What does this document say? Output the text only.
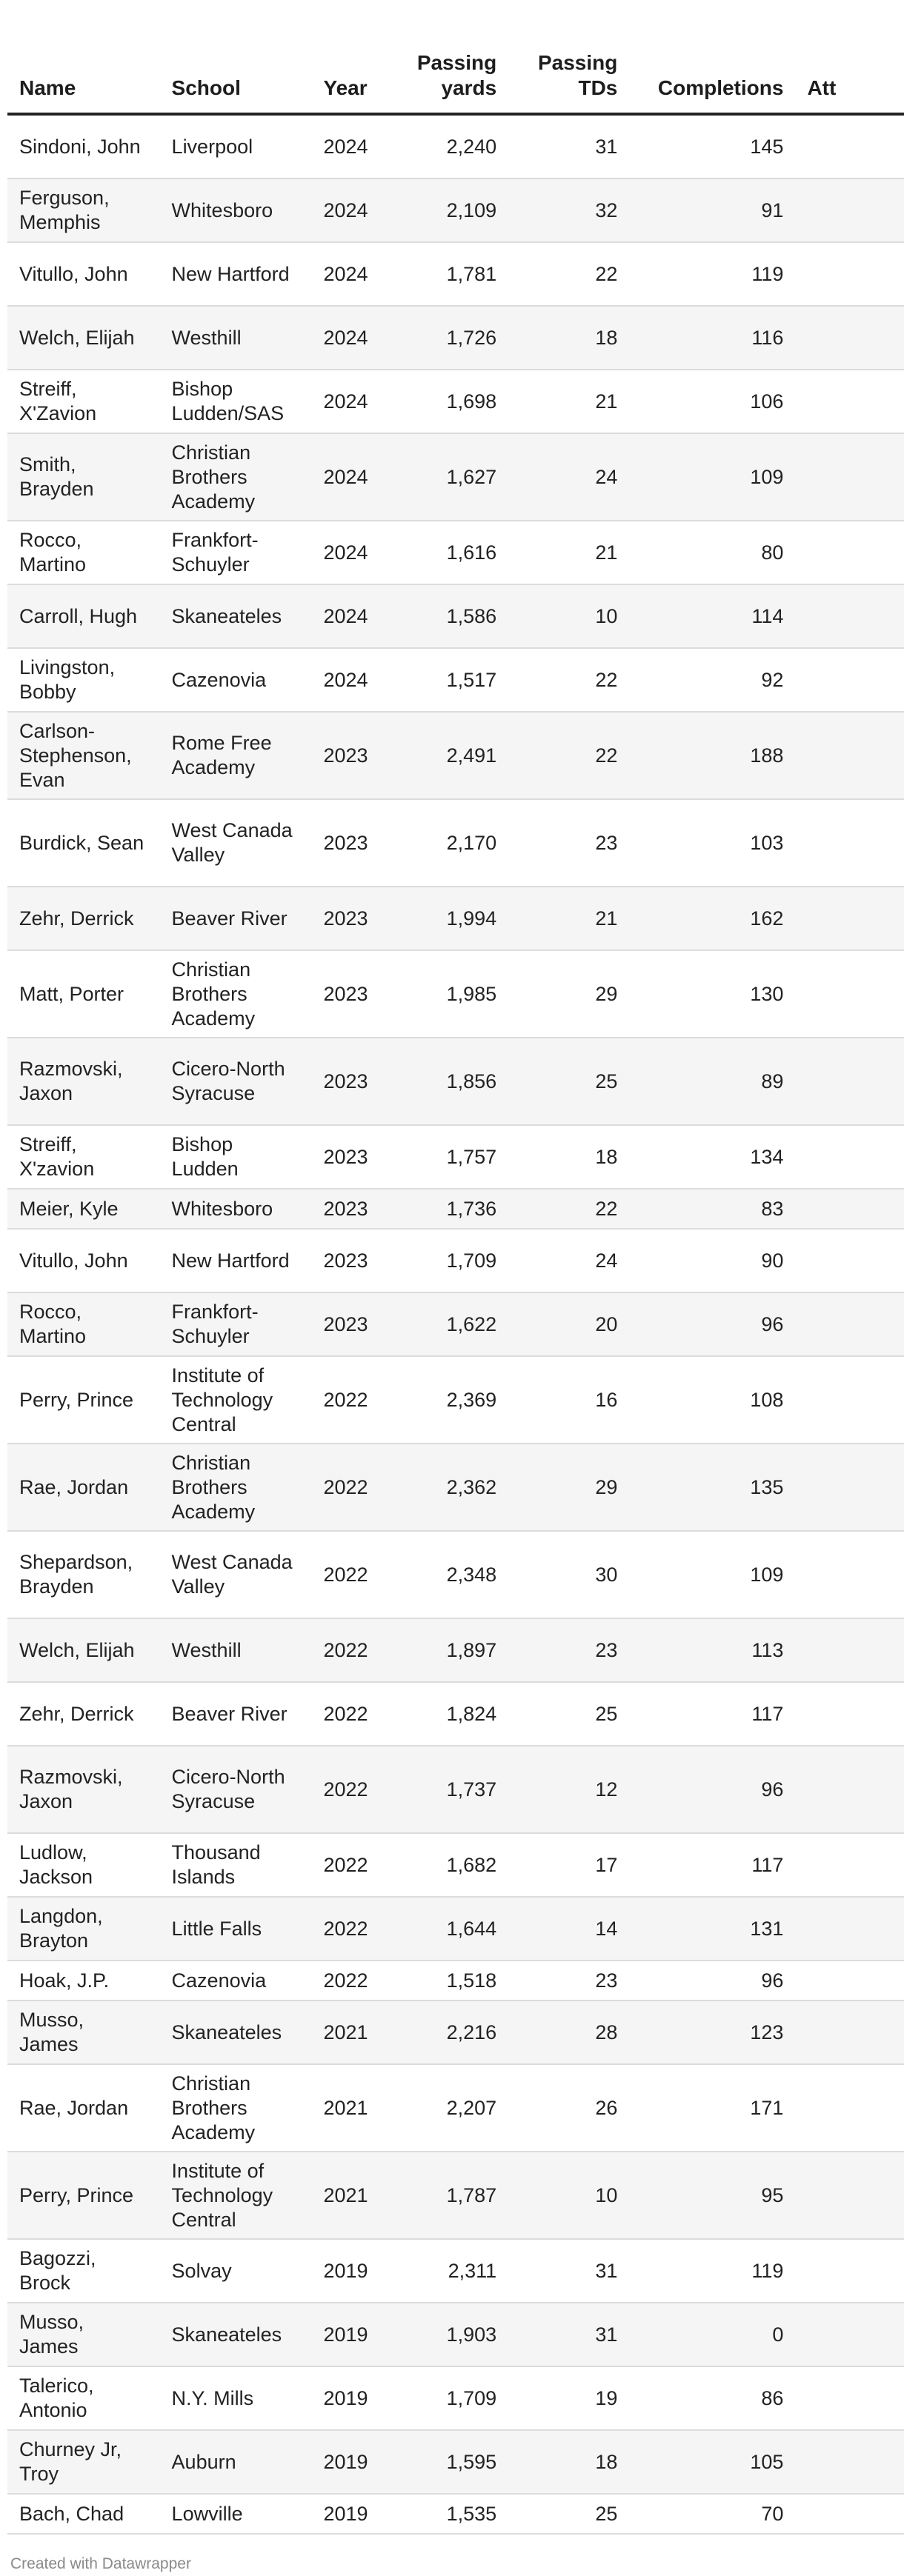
Name	School	Year	Passing yards	Passing TDs	Completions	Att
Sindoni, John	Liverpool	2024	2,240	31	145	
Ferguson, Memphis	Whitesboro	2024	2,109	32	91	
Vitullo, John	New Hartford	2024	1,781	22	119	
Welch, Elijah	Westhill	2024	1,726	18	116	
Streiff, X'Zavion	Bishop Ludden/SAS	2024	1,698	21	106	
Smith, Brayden	Christian Brothers Academy	2024	1,627	24	109	
Rocco, Martino	Frankfort-Schuyler	2024	1,616	21	80	
Carroll, Hugh	Skaneateles	2024	1,586	10	114	
Livingston, Bobby	Cazenovia	2024	1,517	22	92	
Carlson-Stephenson, Evan	Rome Free Academy	2023	2,491	22	188	
Burdick, Sean	West Canada Valley	2023	2,170	23	103	
Zehr, Derrick	Beaver River	2023	1,994	21	162	
Matt, Porter	Christian Brothers Academy	2023	1,985	29	130	
Razmovski, Jaxon	Cicero-North Syracuse	2023	1,856	25	89	
Streiff, X'zavion	Bishop Ludden	2023	1,757	18	134	
Meier, Kyle	Whitesboro	2023	1,736	22	83	
Vitullo, John	New Hartford	2023	1,709	24	90	
Rocco, Martino	Frankfort-Schuyler	2023	1,622	20	96	
Perry, Prince	Institute of Technology Central	2022	2,369	16	108	
Rae, Jordan	Christian Brothers Academy	2022	2,362	29	135	
Shepardson, Brayden	West Canada Valley	2022	2,348	30	109	
Welch, Elijah	Westhill	2022	1,897	23	113	
Zehr, Derrick	Beaver River	2022	1,824	25	117	
Razmovski, Jaxon	Cicero-North Syracuse	2022	1,737	12	96	
Ludlow, Jackson	Thousand Islands	2022	1,682	17	117	
Langdon, Brayton	Little Falls	2022	1,644	14	131	
Hoak, J.P.	Cazenovia	2022	1,518	23	96	
Musso, James	Skaneateles	2021	2,216	28	123	
Rae, Jordan	Christian Brothers Academy	2021	2,207	26	171	
Perry, Prince	Institute of Technology Central	2021	1,787	10	95	
Bagozzi, Brock	Solvay	2019	2,311	31	119	
Musso, James	Skaneateles	2019	1,903	31	0	
Talerico, Antonio	N.Y. Mills	2019	1,709	19	86	
Churney Jr, Troy	Auburn	2019	1,595	18	105	
Bach, Chad	Lowville	2019	1,535	25	70	
Created with Datawrapper
